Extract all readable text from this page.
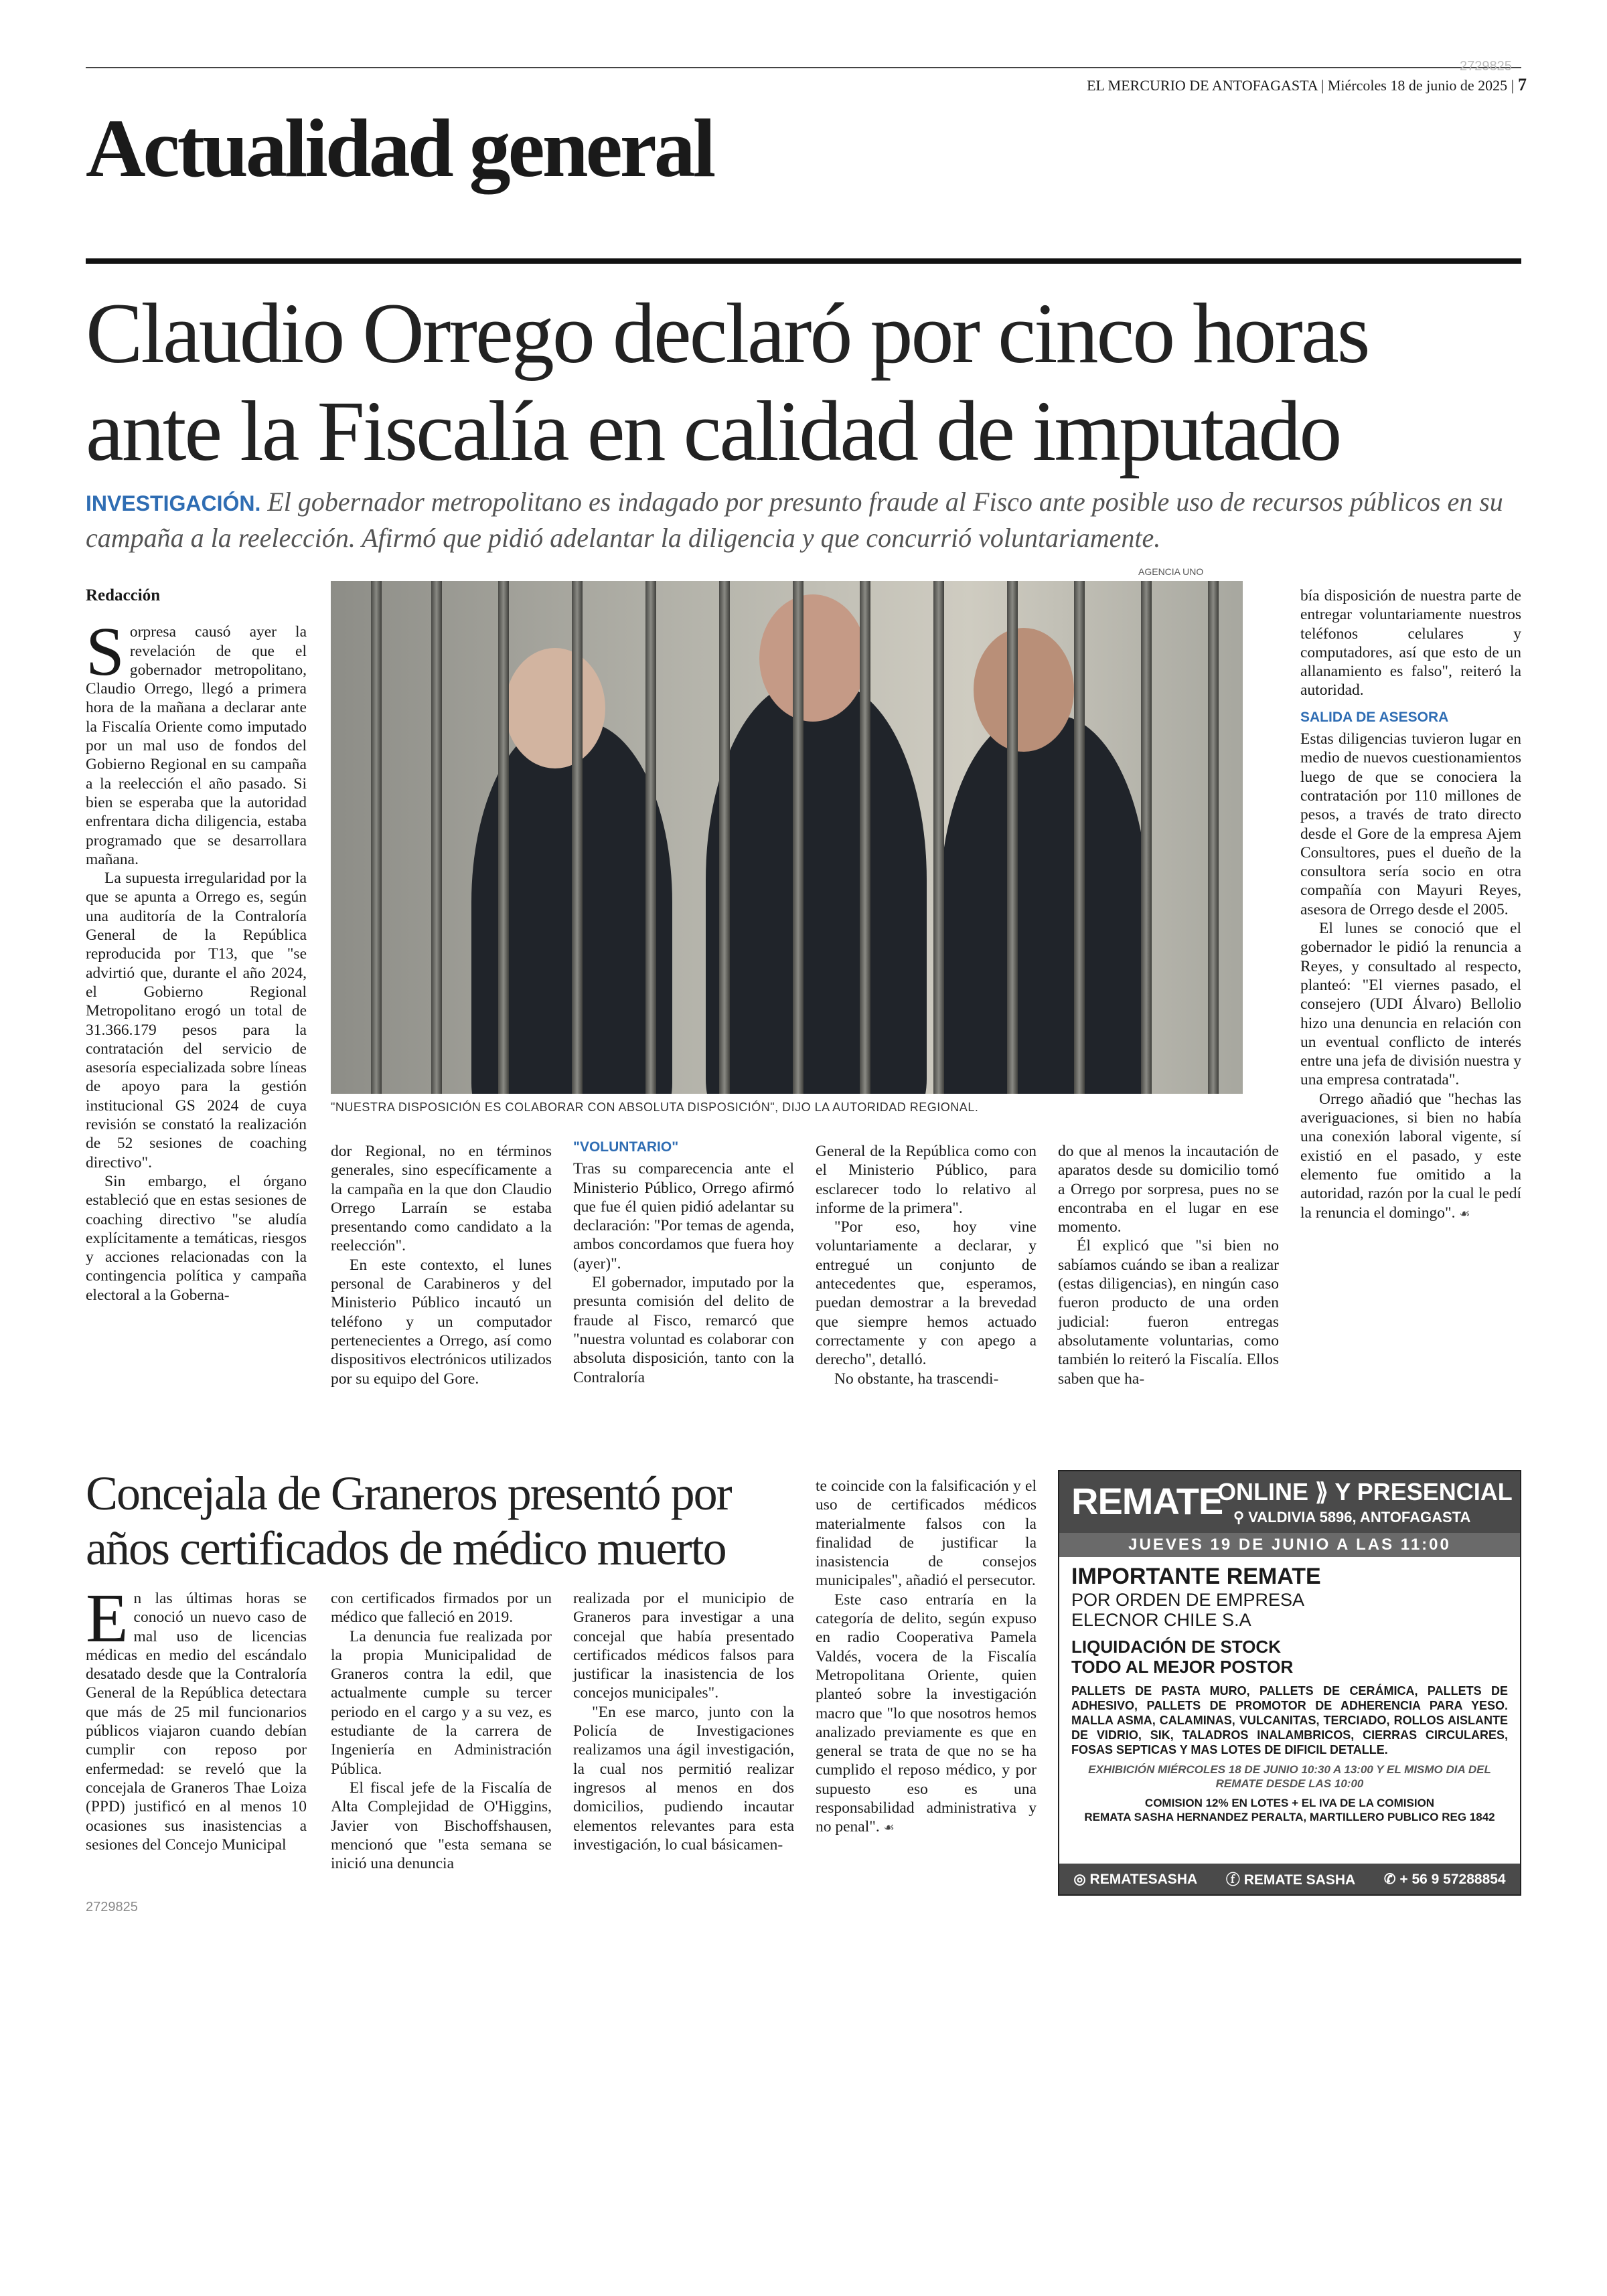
2729825
EL MERCURIO DE ANTOFAGASTA | Miércoles 18 de junio de 2025 | 7
Actualidad general
Claudio Orrego declaró por cinco horas ante la Fiscalía en calidad de imputado
INVESTIGACIÓN. El gobernador metropolitano es indagado por presunto fraude al Fisco ante posible uso de recursos públicos en su campaña a la reelección. Afirmó que pidió adelantar la diligencia y que concurrió voluntariamente.
AGENCIA UNO
"NUESTRA DISPOSICIÓN ES COLABORAR CON ABSOLUTA DISPOSICIÓN", DIJO LA AUTORIDAD REGIONAL.
Redacción

Sorpresa causó ayer la revelación de que el gobernador metropolitano, Claudio Orrego, llegó a primera hora de la mañana a declarar ante la Fiscalía Oriente como imputado por un mal uso de fondos del Gobierno Regional en su campaña a la reelección el año pasado. Si bien se esperaba que la autoridad enfrentara dicha diligencia, estaba programado que se desarrollara mañana.

La supuesta irregularidad por la que se apunta a Orrego es, según una auditoría de la Contraloría General de la República reproducida por T13, que "se advirtió que, durante el año 2024, el Gobierno Regional Metropolitano erogó un total de 31.366.179 pesos para la contratación del servicio de asesoría especializada sobre líneas de apoyo para la gestión institucional GS 2024 de cuya revisión se constató la realización de 52 sesiones de coaching directivo".

Sin embargo, el órgano estableció que en estas sesiones de coaching directivo "se aludía explícitamente a temáticas, riesgos y acciones relacionadas con la contingencia política y campaña electoral a la Goberna-

dor Regional, no en términos generales, sino específicamente a la campaña en la que don Claudio Orrego Larraín se estaba presentando como candidato a la reelección".

En este contexto, el lunes personal de Carabineros y del Ministerio Público incautó un teléfono y un computador pertenecientes a Orrego, así como dispositivos electrónicos utilizados por su equipo del Gore.

"VOLUNTARIO"

Tras su comparecencia ante el Ministerio Público, Orrego afirmó que fue él quien pidió adelantar su declaración: "Por temas de agenda, ambos concordamos que fuera hoy (ayer)".

El gobernador, imputado por la presunta comisión del delito de fraude al Fisco, remarcó que "nuestra voluntad es colaborar con absoluta disposición, tanto con la Contraloría

General de la República como con el Ministerio Público, para esclarecer todo lo relativo al informe de la primera".

"Por eso, hoy vine voluntariamente a declarar, y entregué un conjunto de antecedentes que, esperamos, puedan demostrar a la brevedad que siempre hemos actuado correctamente y con apego a derecho", detalló.

No obstante, ha trascendi-

do que al menos la incautación de aparatos desde su domicilio tomó a Orrego por sorpresa, pues no se encontraba en el lugar en ese momento.

Él explicó que "si bien no sabíamos cuándo se iban a realizar (estas diligencias), en ningún caso fueron producto de una orden judicial: fueron entregas absolutamente voluntarias, como también lo reiteró la Fiscalía. Ellos saben que ha-

bía disposición de nuestra parte de entregar voluntariamente nuestros teléfonos celulares y computadores, así que esto de un allanamiento es falso", reiteró la autoridad.

SALIDA DE ASESORA

Estas diligencias tuvieron lugar en medio de nuevos cuestionamientos luego de que se conociera la contratación por 110 millones de pesos, a través de trato directo desde el Gore de la empresa Ajem Consultores, pues el dueño de la consultora sería socio en otra compañía con Mayuri Reyes, asesora de Orrego desde el 2005.

El lunes se conoció que el gobernador le pidió la renuncia a Reyes, y consultado al respecto, planteó: "El viernes pasado, el consejero (UDI Álvaro) Bellolio hizo una denuncia en relación con un eventual conflicto de interés entre una jefa de división nuestra y una empresa contratada".

Orrego añadió que "hechas las averiguaciones, si bien no había una conexión laboral vigente, sí existió en el pasado, y este elemento fue omitido a la autoridad, razón por la cual le pedí la renuncia el domingo". ☙

Concejala de Graneros presentó por años certificados de médico muerto

En las últimas horas se conoció un nuevo caso de mal uso de licencias médicas en medio del escándalo desatado desde que la Contraloría General de la República detectara que más de 25 mil funcionarios públicos viajaron cuando debían cumplir con reposo por enfermedad: se reveló que la concejala de Graneros Thae Loiza (PPD) justificó en al menos 10 ocasiones sus inasistencias a sesiones del Concejo Municipal

con certificados firmados por un médico que falleció en 2019.

La denuncia fue realizada por la propia Municipalidad de Graneros contra la edil, que actualmente cumple su tercer periodo en el cargo y a su vez, es estudiante de la carrera de Ingeniería en Administración Pública.

El fiscal jefe de la Fiscalía de Alta Complejidad de O'Higgins, Javier von Bischoffshausen, mencionó que "esta semana se inició una denuncia

realizada por el municipio de Graneros para investigar a una concejal que había presentado certificados médicos falsos para justificar la inasistencia de los concejos municipales".

"En ese marco, junto con la Policía de Investigaciones realizamos una ágil investigación, la cual nos permitió realizar ingresos al menos en dos domicilios, pudiendo incautar elementos relevantes para esta investigación, lo cual básicamen-

te coincide con la falsificación y el uso de certificados médicos materialmente falsos con la finalidad de justificar la inasistencia de consejos municipales", añadió el persecutor.

Este caso entraría en la categoría de delito, según expuso en radio Cooperativa Pamela Valdés, vocera de la Fiscalía Metropolitana Oriente, quien planteó sobre la investigación macro que "lo que nosotros hemos analizado previamente es que en general se trata de que no se ha cumplido el reposo médico, y por supuesto eso es una responsabilidad administrativa y no penal". ☙

2729825
REMATE
ONLINE ⟫ Y PRESENCIAL
⚲ VALDIVIA 5896, ANTOFAGASTA
JUEVES 19 DE JUNIO A LAS 11:00
IMPORTANTE REMATE
POR ORDEN DE EMPRESA
ELECNOR CHILE S.A
LIQUIDACIÓN DE STOCK
TODO AL MEJOR POSTOR
PALLETS DE PASTA MURO, PALLETS DE CERÁMICA, PALLETS DE ADHESIVO, PALLETS DE PROMOTOR DE ADHERENCIA PARA YESO. MALLA ASMA, CALAMINAS, VULCANITAS, TERCIADO, ROLLOS AISLANTE DE VIDRIO, SIK, TALADROS INALAMBRICOS, CIERRAS CIRCULARES, FOSAS SEPTICAS Y MAS LOTES DE DIFICIL DETALLE.
EXHIBICIÓN MIÉRCOLES 18 DE JUNIO 10:30 A 13:00 Y EL MISMO DIA DEL REMATE DESDE LAS 10:00
COMISION 12% EN LOTES + EL IVA DE LA COMISION
REMATA SASHA HERNANDEZ PERALTA, MARTILLERO PUBLICO REG 1842
◎ REMATESASHA ⓕ REMATE SASHA ✆ + 56 9 57288854
